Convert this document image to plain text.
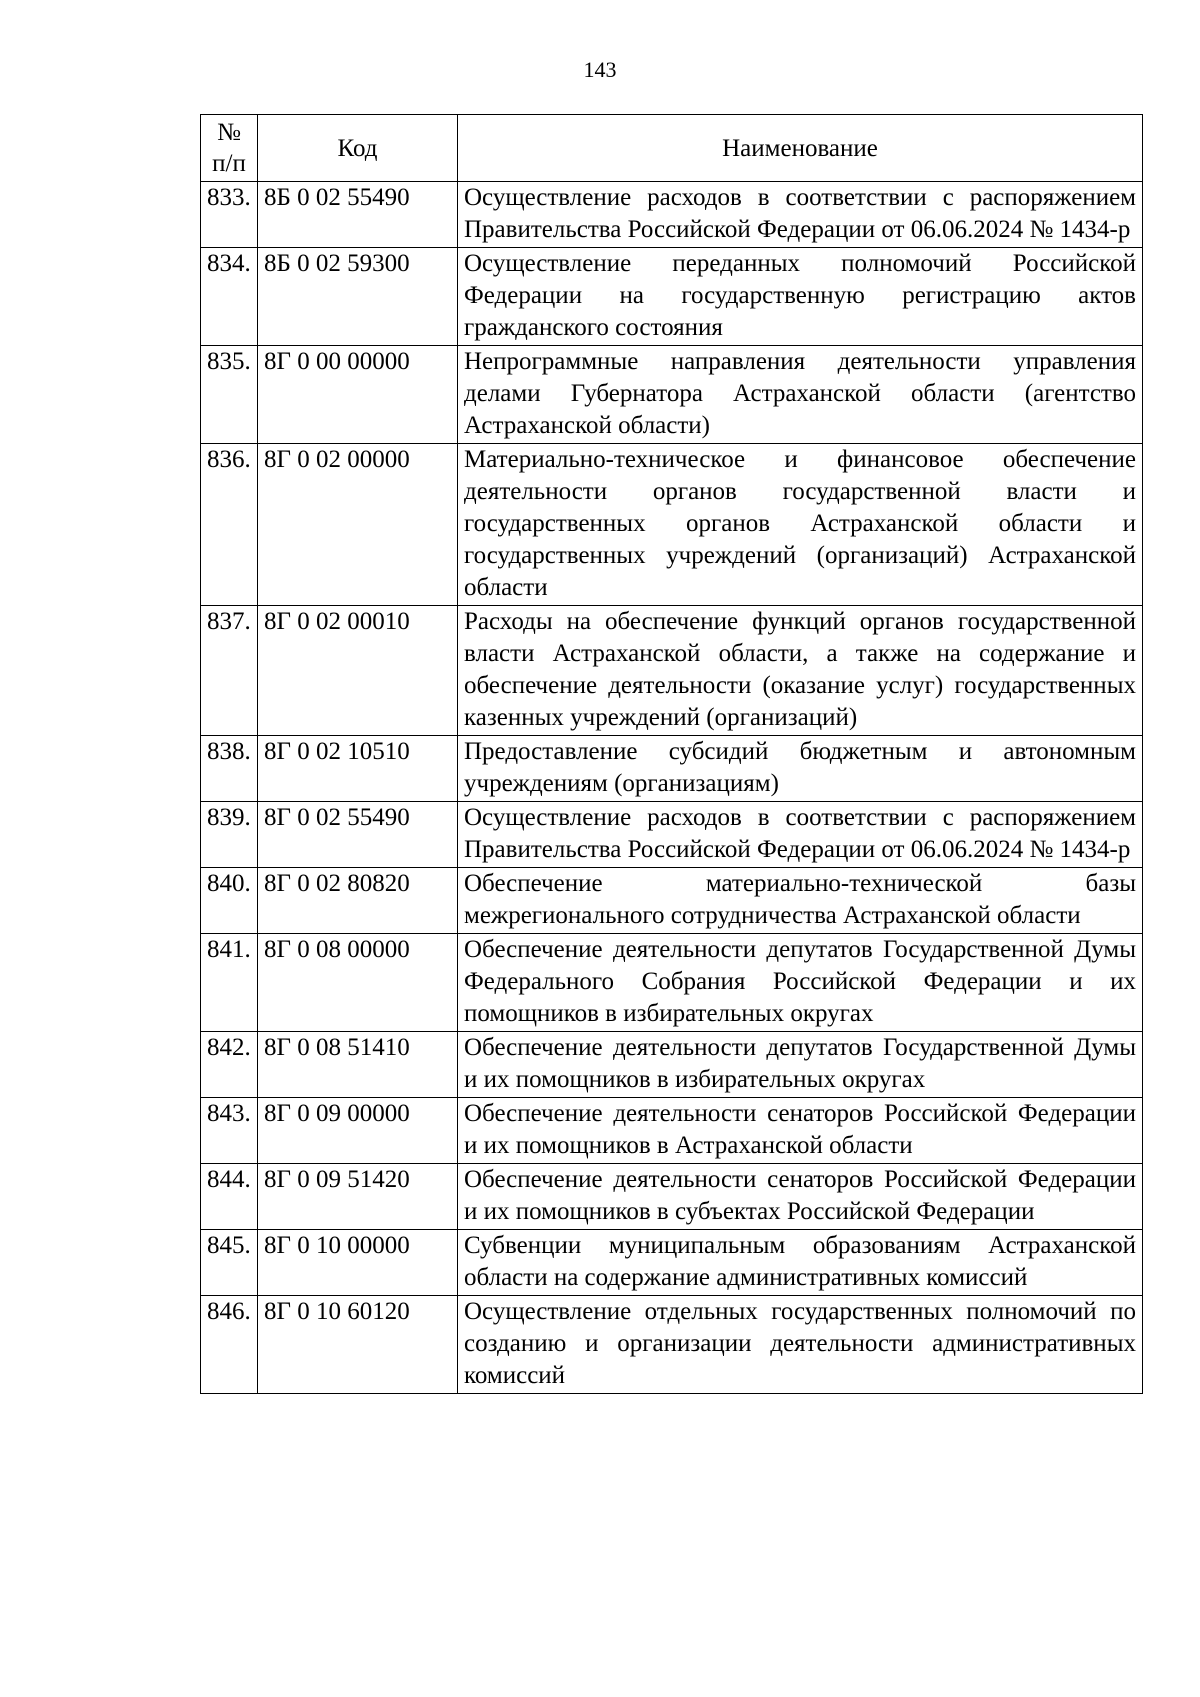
143
№ п/п	Код	Наименование
833.	8Б 0 02 55490	Осуществление расходов в соответствии с распоряжением Правительства Российской Федерации от 06.06.2024 № 1434-р
834.	8Б 0 02 59300	Осуществление переданных полномочий Российской Федерации на государственную регистрацию актов гражданского состояния
835.	8Г 0 00 00000	Непрограммные направления деятельности управления делами Губернатора Астраханской области (агентство Астраханской области)
836.	8Г 0 02 00000	Материально-техническое и финансовое обеспечение деятельности органов государственной власти и государственных органов Астраханской области и государственных учреждений (организаций) Астраханской области
837.	8Г 0 02 00010	Расходы на обеспечение функций органов государственной власти Астраханской области, а также на содержание и обеспечение деятельности (оказание услуг) государственных казенных учреждений (организаций)
838.	8Г 0 02 10510	Предоставление субсидий бюджетным и автономным учреждениям (организациям)
839.	8Г 0 02 55490	Осуществление расходов в соответствии с распоряжением Правительства Российской Федерации от 06.06.2024 № 1434-р
840.	8Г 0 02 80820	Обеспечение материально-технической базы межрегионального сотрудничества Астраханской области
841.	8Г 0 08 00000	Обеспечение деятельности депутатов Государственной Думы Федерального Собрания Российской Федерации и их помощников в избирательных округах
842.	8Г 0 08 51410	Обеспечение деятельности депутатов Государственной Думы и их помощников в избирательных округах
843.	8Г 0 09 00000	Обеспечение деятельности сенаторов Российской Федерации и их помощников в Астраханской области
844.	8Г 0 09 51420	Обеспечение деятельности сенаторов Российской Федерации и их помощников в субъектах Российской Федерации
845.	8Г 0 10 00000	Субвенции муниципальным образованиям Астраханской области на содержание административных комиссий
846.	8Г 0 10 60120	Осуществление отдельных государственных полномочий по созданию и организации деятельности административных комиссий
